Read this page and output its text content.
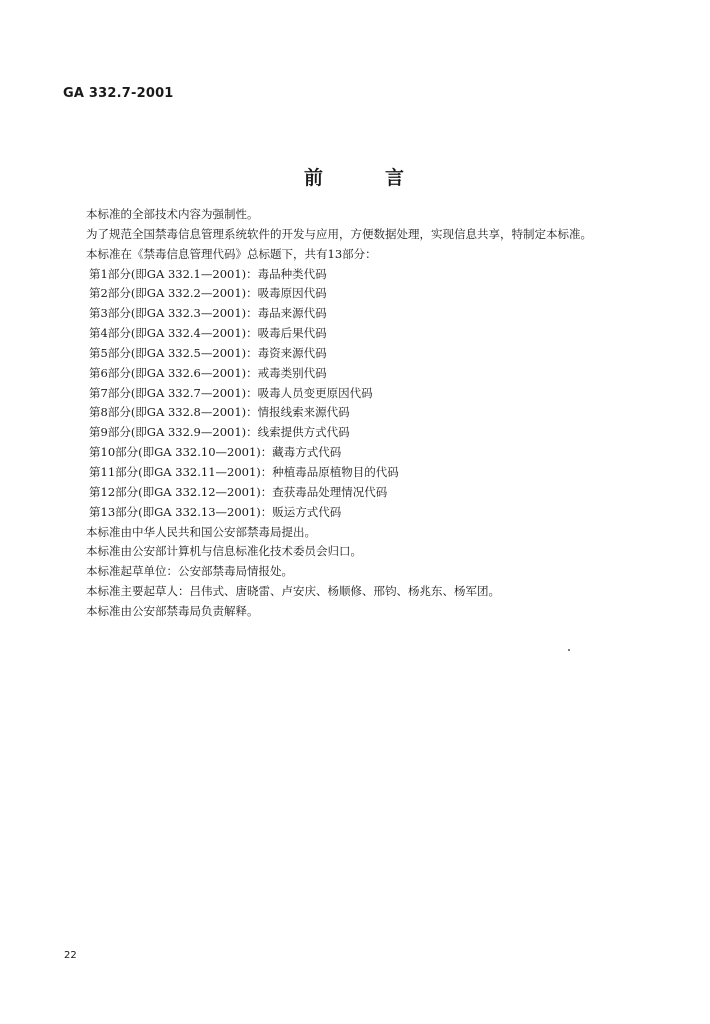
GA 332.7-2001
前	言

本标准的全部技术内容为强制性。

为了规范全国禁毒信息管理系统软件的开发与应用，方便数据处理，实现信息共享，特制定本标准。

本标准在《禁毒信息管理代码》总标题下，共有13部分：

第1部分(即GA 332.1—2001)：毒品种类代码

第2部分(即GA 332.2—2001)：吸毒原因代码

第3部分(即GA 332.3—2001)：毒品来源代码

第4部分(即GA 332.4—2001)：吸毒后果代码

第5部分(即GA 332.5—2001)：毒资来源代码

第6部分(即GA 332.6—2001)：戒毒类别代码

第7部分(即GA 332.7—2001)：吸毒人员变更原因代码

第8部分(即GA 332.8—2001)：情报线索来源代码

第9部分(即GA 332.9—2001)：线索提供方式代码

第10部分(即GA 332.10—2001)：藏毒方式代码

第11部分(即GA 332.11—2001)：种植毒品原植物目的代码

第12部分(即GA 332.12—2001)：查获毒品处理情况代码

第13部分(即GA 332.13—2001)：贩运方式代码

本标准由中华人民共和国公安部禁毒局提出。

本标准由公安部计算机与信息标准化技术委员会归口。

本标准起草单位：公安部禁毒局情报处。

本标准主要起草人：吕伟式、唐晓雷、卢安庆、杨顺修、邢钧、杨兆东、杨军团。

本标准由公安部禁毒局负责解释。

22
